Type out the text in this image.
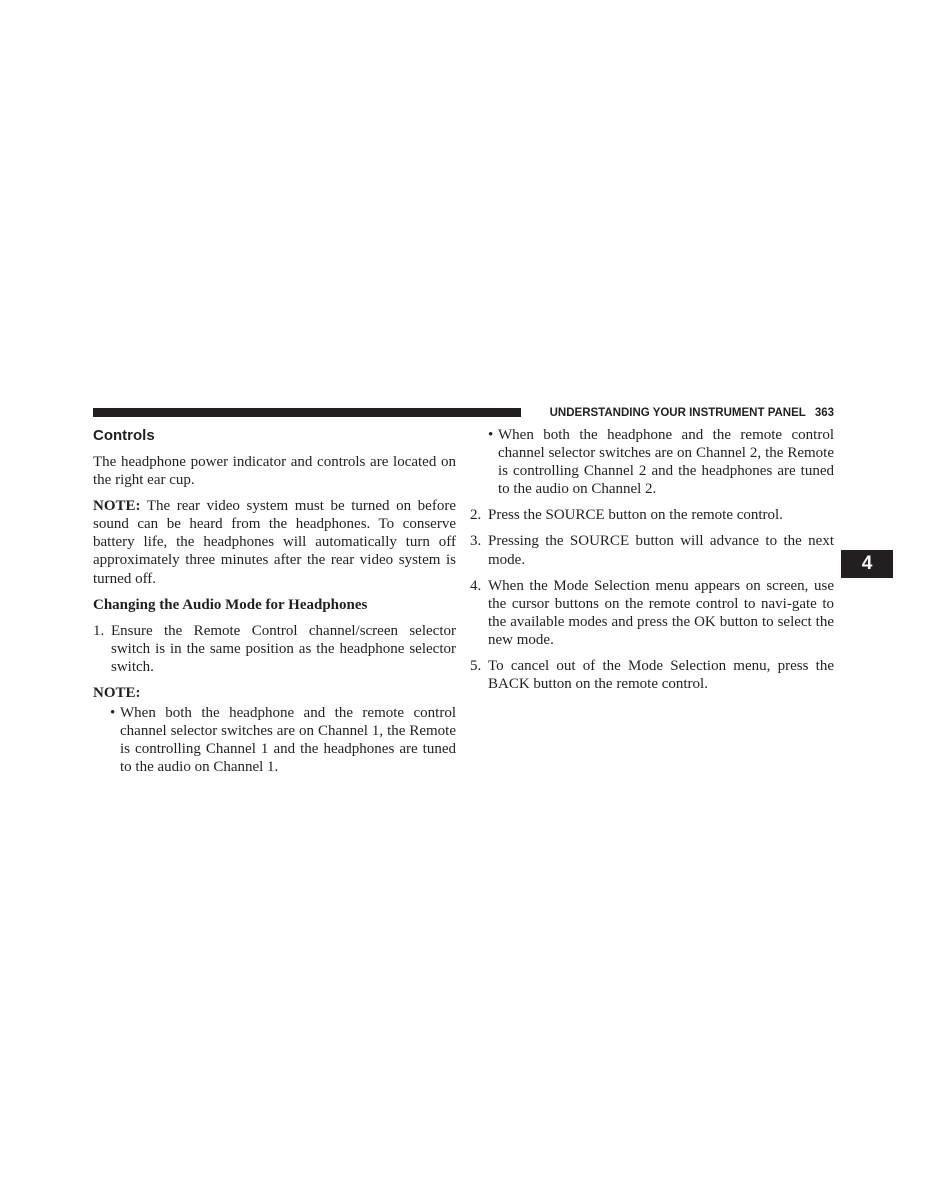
UNDERSTANDING YOUR INSTRUMENT PANEL 363
Controls

The headphone power indicator and controls are located on the right ear cup.

NOTE: The rear video system must be turned on before sound can be heard from the headphones. To conserve battery life, the headphones will automatically turn off approximately three minutes after the rear video system is turned off.

Changing the Audio Mode for Headphones
1. Ensure the Remote Control channel/screen selector switch is in the same position as the headphone selector switch.
NOTE:
• When both the headphone and the remote control channel selector switches are on Channel 1, the Remote is controlling Channel 1 and the headphones are tuned to the audio on Channel 1.
• When both the headphone and the remote control channel selector switches are on Channel 2, the Remote is controlling Channel 2 and the headphones are tuned to the audio on Channel 2.
2. Press the SOURCE button on the remote control.
3. Pressing the SOURCE button will advance to the next mode.
4. When the Mode Selection menu appears on screen, use the cursor buttons on the remote control to navi-gate to the available modes and press the OK button to select the new mode.
5. To cancel out of the Mode Selection menu, press the BACK button on the remote control.
4
